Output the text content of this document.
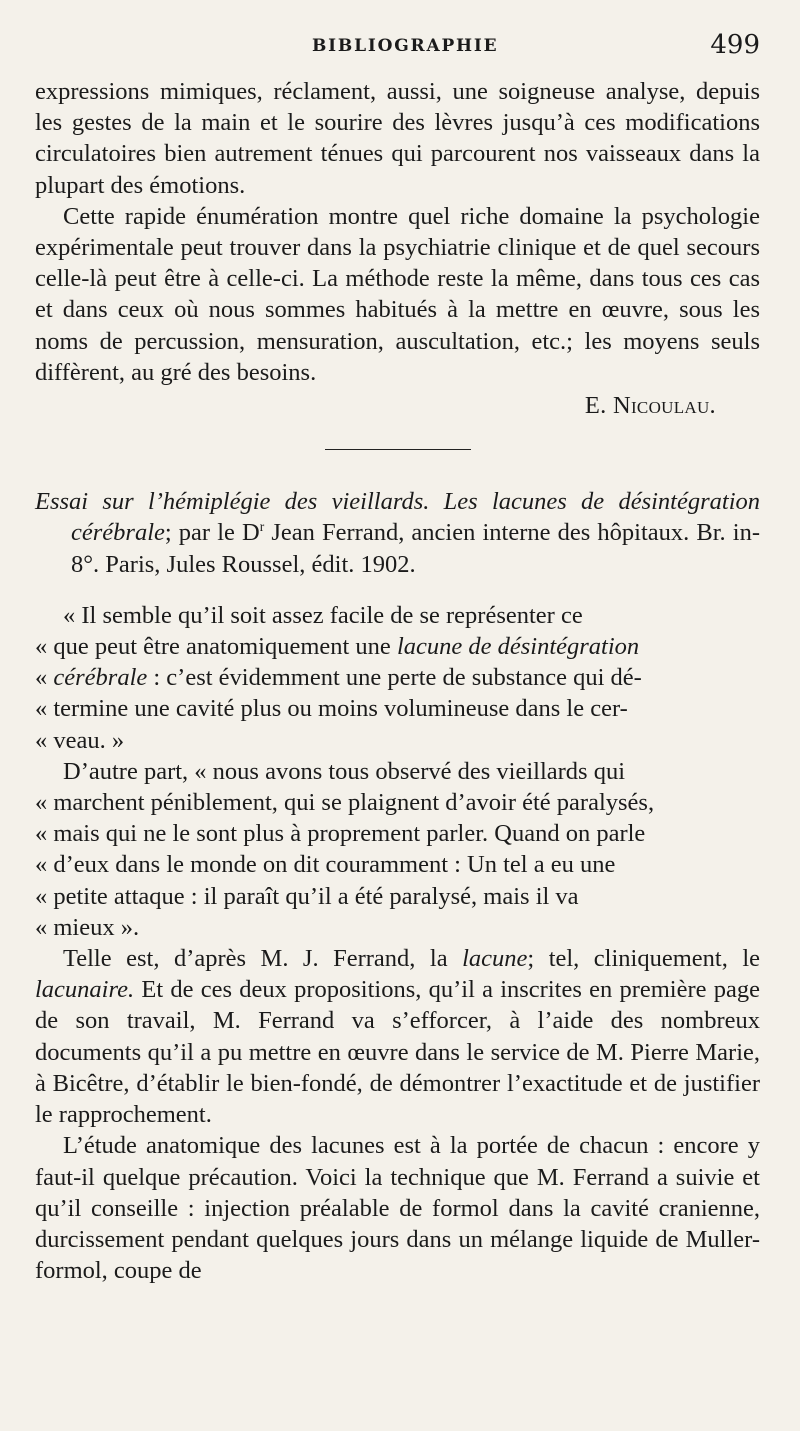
BIBLIOGRAPHIE	499

expressions mimiques, réclament, aussi, une soigneuse analyse, depuis les gestes de la main et le sourire des lèvres jusqu’à ces modifications circulatoires bien autrement ténues qui parcourent nos vaisseaux dans la plupart des émotions.

Cette rapide énumération montre quel riche domaine la psychologie expérimentale peut trouver dans la psychiatrie clinique et de quel secours celle-là peut être à celle-ci. La méthode reste la même, dans tous ces cas et dans ceux où nous sommes habitués à la mettre en œuvre, sous les noms de percussion, mensuration, auscultation, etc.; les moyens seuls diffèrent, au gré des besoins.

E. Nicoulau.

Essai sur l’hémiplégie des vieillards. Les lacunes de désintégration cérébrale; par le $D^r$ Jean Ferrand, ancien interne des hôpitaux. Br. in-8°. Paris, Jules Roussel, édit. 1902.

« Il semble qu’il soit assez facile de se représenter ce
« que peut être anatomiquement une lacune de désintégration
« cérébrale : c’est évidemment une perte de substance qui dé-
« termine une cavité plus ou moins volumineuse dans le cer-
« veau. »
D’autre part, « nous avons tous observé des vieillards qui
« marchent péniblement, qui se plaignent d’avoir été paralysés,
« mais qui ne le sont plus à proprement parler. Quand on parle
« d’eux dans le monde on dit couramment : Un tel a eu une
« petite attaque : il paraît qu’il a été paralysé, mais il va
« mieux ».

Telle est, d’après M. J. Ferrand, la lacune; tel, cliniquement, le lacunaire. Et de ces deux propositions, qu’il a inscrites en première page de son travail, M. Ferrand va s’efforcer, à l’aide des nombreux documents qu’il a pu mettre en œuvre dans le service de M. Pierre Marie, à Bicêtre, d’établir le bien-fondé, de démontrer l’exactitude et de justifier le rapprochement.

L’étude anatomique des lacunes est à la portée de chacun : encore y faut-il quelque précaution. Voici la technique que M. Ferrand a suivie et qu’il conseille : injection préalable de formol dans la cavité cranienne, durcissement pendant quelques jours dans un mélange liquide de Muller-formol, coupe de
